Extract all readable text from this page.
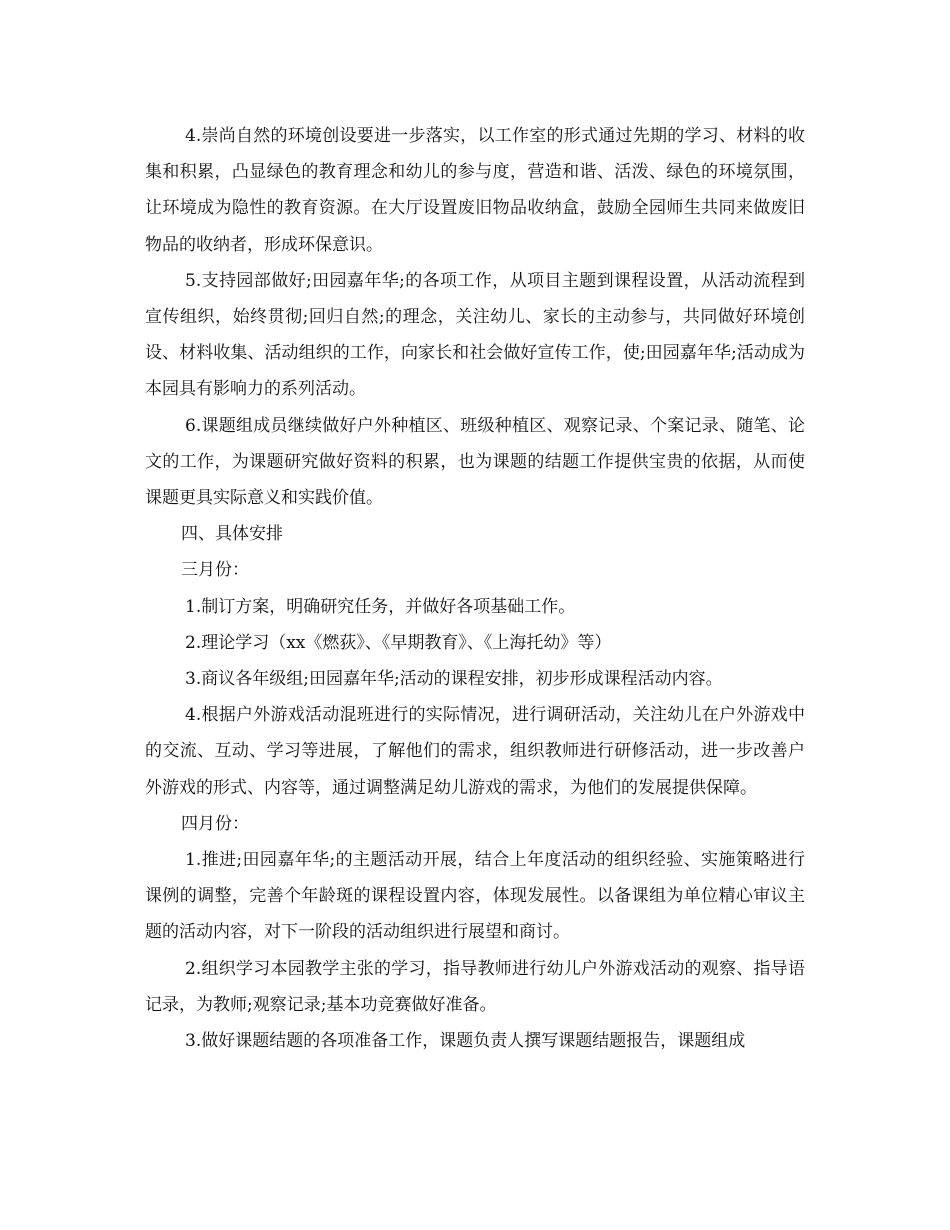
4.崇尚自然的环境创设要进一步落实，以工作室的形式通过先期的学习、材料的收集和积累，凸显绿色的教育理念和幼儿的参与度，营造和谐、活泼、绿色的环境氛围，让环境成为隐性的教育资源。在大厅设置废旧物品收纳盒，鼓励全园师生共同来做废旧物品的收纳者，形成环保意识。

5.支持园部做好;田园嘉年华;的各项工作，从项目主题到课程设置，从活动流程到宣传组织，始终贯彻;回归自然;的理念，关注幼儿、家长的主动参与，共同做好环境创设、材料收集、活动组织的工作，向家长和社会做好宣传工作，使;田园嘉年华;活动成为本园具有影响力的系列活动。

6.课题组成员继续做好户外种植区、班级种植区、观察记录、个案记录、随笔、论文的工作，为课题研究做好资料的积累，也为课题的结题工作提供宝贵的依据，从而使课题更具实际意义和实践价值。

四、具体安排

三月份：

1.制订方案，明确研究任务，并做好各项基础工作。

2.理论学习（xx《燃荻》、《早期教育》、《上海托幼》等）

3.商议各年级组;田园嘉年华;活动的课程安排，初步形成课程活动内容。

4.根据户外游戏活动混班进行的实际情况，进行调研活动，关注幼儿在户外游戏中的交流、互动、学习等进展，了解他们的需求，组织教师进行研修活动，进一步改善户外游戏的形式、内容等，通过调整满足幼儿游戏的需求，为他们的发展提供保障。

四月份：

1.推进;田园嘉年华;的主题活动开展，结合上年度活动的组织经验、实施策略进行课例的调整，完善个年龄斑的课程设置内容，体现发展性。以备课组为单位精心审议主题的活动内容，对下一阶段的活动组织进行展望和商讨。

2.组织学习本园教学主张的学习，指导教师进行幼儿户外游戏活动的观察、指导语记录，为教师;观察记录;基本功竞赛做好准备。

3.做好课题结题的各项准备工作，课题负责人撰写课题结题报告，课题组成
